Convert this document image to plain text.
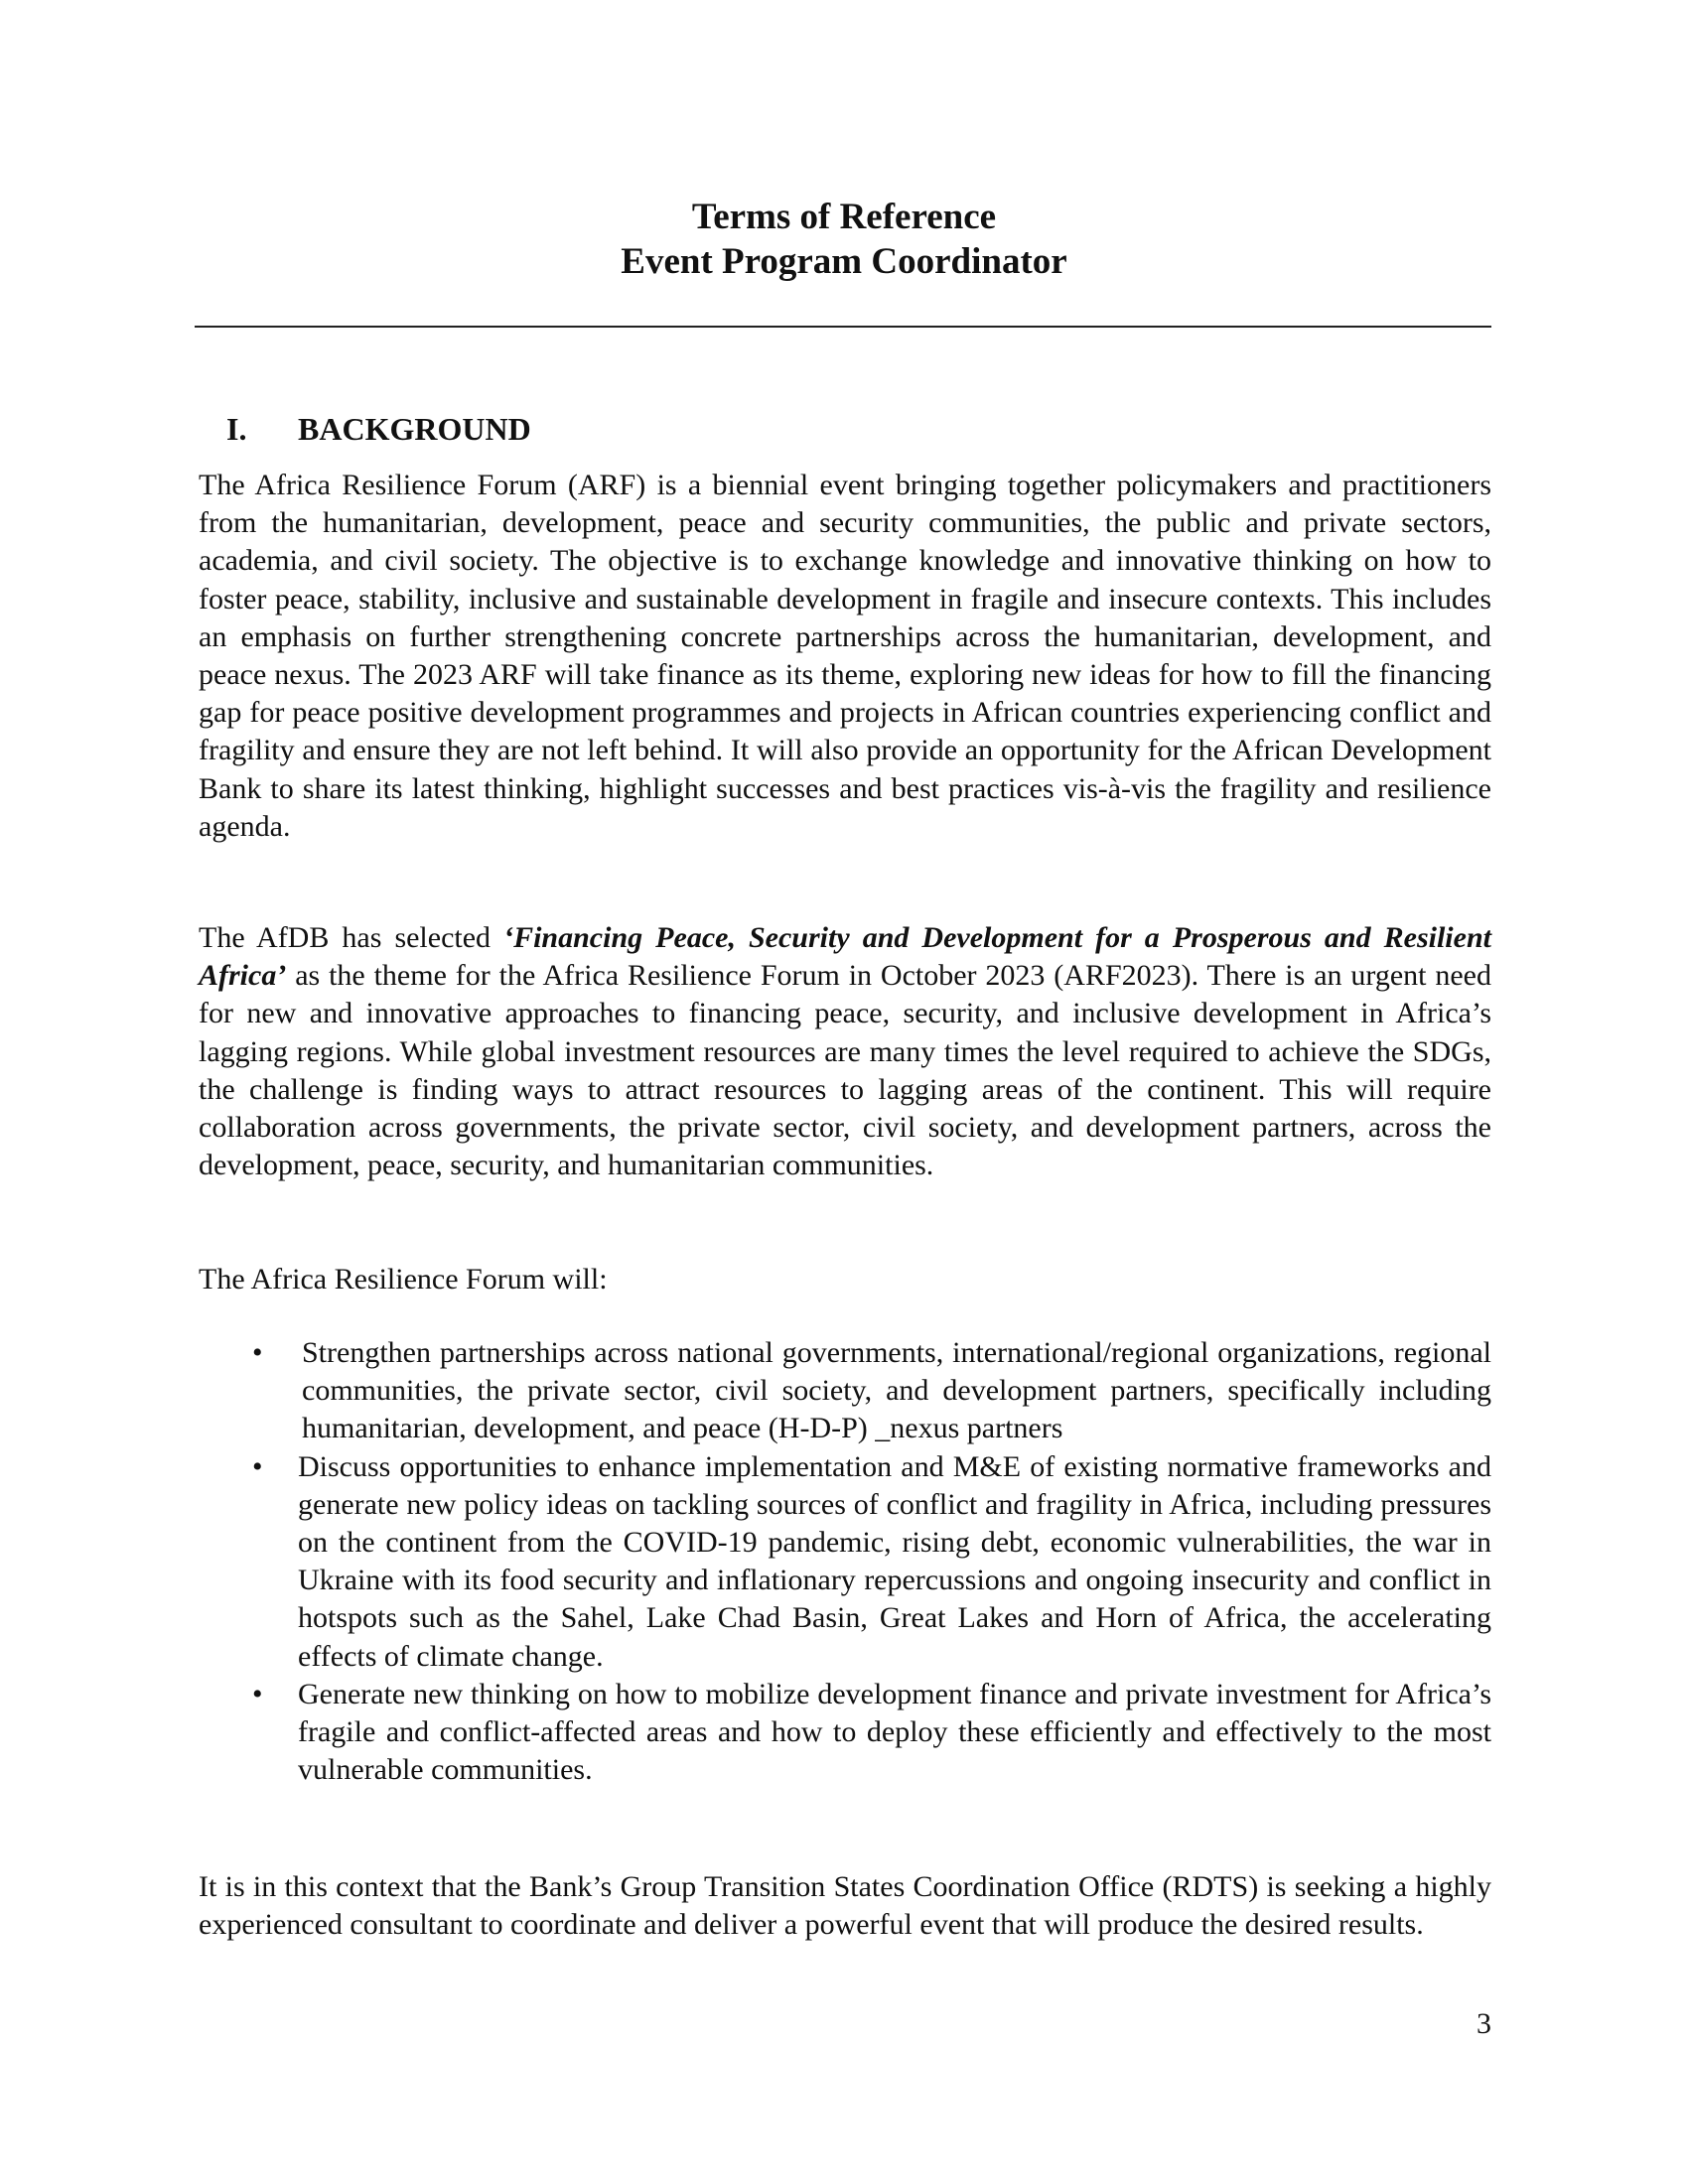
Terms of Reference
Event Program Coordinator
I. BACKGROUND

The Africa Resilience Forum (ARF) is a biennial event bringing together policymakers and practitioners from the humanitarian, development, peace and security communities, the public and private sectors, academia, and civil society. The objective is to exchange knowledge and innovative thinking on how to foster peace, stability, inclusive and sustainable development in fragile and insecure contexts. This includes an emphasis on further strengthening concrete partnerships across the humanitarian, development, and peace nexus. The 2023 ARF will take finance as its theme, exploring new ideas for how to fill the financing gap for peace positive development programmes and projects in African countries experiencing conflict and fragility and ensure they are not left behind. It will also provide an opportunity for the African Development Bank to share its latest thinking, highlight successes and best practices vis-à-vis the fragility and resilience agenda.

The AfDB has selected ‘Financing Peace, Security and Development for a Prosperous and Resilient Africa’ as the theme for the Africa Resilience Forum in October 2023 (ARF2023). There is an urgent need for new and innovative approaches to financing peace, security, and inclusive development in Africa’s lagging regions. While global investment resources are many times the level required to achieve the SDGs, the challenge is finding ways to attract resources to lagging areas of the continent. This will require collaboration across governments, the private sector, civil society, and development partners, across the development, peace, security, and humanitarian communities.

The Africa Resilience Forum will:

• Strengthen partnerships across national governments, international/regional organizations, regional communities, the private sector, civil society, and development partners, specifically including humanitarian, development, and peace (H-D-P) _nexus partners
• Discuss opportunities to enhance implementation and M&E of existing normative frameworks and generate new policy ideas on tackling sources of conflict and fragility in Africa, including pressures on the continent from the COVID-19 pandemic, rising debt, economic vulnerabilities, the war in Ukraine with its food security and inflationary repercussions and ongoing insecurity and conflict in hotspots such as the Sahel, Lake Chad Basin, Great Lakes and Horn of Africa, the accelerating effects of climate change.
• Generate new thinking on how to mobilize development finance and private investment for Africa’s fragile and conflict-affected areas and how to deploy these efficiently and effectively to the most vulnerable communities.

It is in this context that the Bank’s Group Transition States Coordination Office (RDTS) is seeking a highly experienced consultant to coordinate and deliver a powerful event that will produce the desired results.

3
